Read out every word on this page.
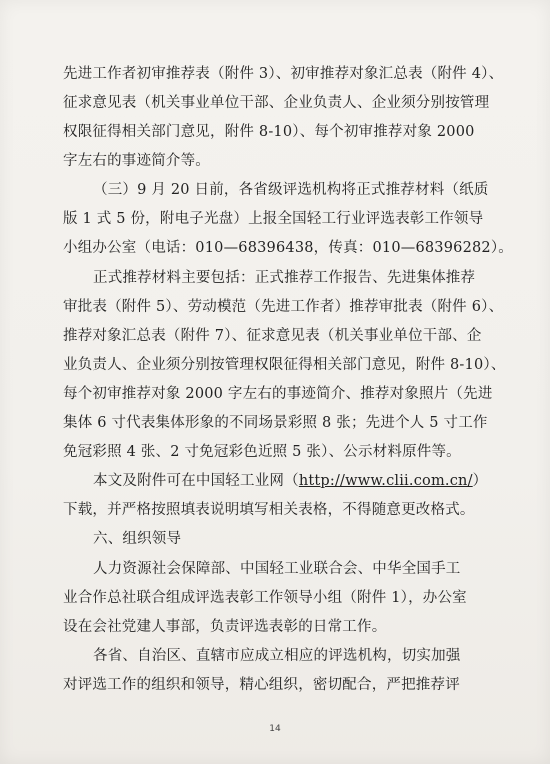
先进工作者初审推荐表（附件 3）、初审推荐对象汇总表（附件 4）、
征求意见表（机关事业单位干部、企业负责人、企业须分别按管理
权限征得相关部门意见，附件 8-10）、每个初审推荐对象 2000
字左右的事迹简介等。
（三）9 月 20 日前，各省级评选机构将正式推荐材料（纸质
版 1 式 5 份，附电子光盘）上报全国轻工行业评选表彰工作领导
小组办公室（电话：010—68396438，传真：010—68396282）。
正式推荐材料主要包括：正式推荐工作报告、先进集体推荐
审批表（附件 5）、劳动模范（先进工作者）推荐审批表（附件 6）、
推荐对象汇总表（附件 7）、征求意见表（机关事业单位干部、企
业负责人、企业须分别按管理权限征得相关部门意见，附件 8-10）、
每个初审推荐对象 2000 字左右的事迹简介、推荐对象照片（先进
集体 6 寸代表集体形象的不同场景彩照 8 张；先进个人 5 寸工作
免冠彩照 4 张、2 寸免冠彩色近照 5 张）、公示材料原件等。
本文及附件可在中国轻工业网（http://www.clii.com.cn/）
下载，并严格按照填表说明填写相关表格，不得随意更改格式。
六、组织领导
人力资源社会保障部、中国轻工业联合会、中华全国手工
业合作总社联合组成评选表彰工作领导小组（附件 1），办公室
设在会社党建人事部，负责评选表彰的日常工作。
各省、自治区、直辖市应成立相应的评选机构，切实加强
对评选工作的组织和领导，精心组织，密切配合，严把推荐评
14
